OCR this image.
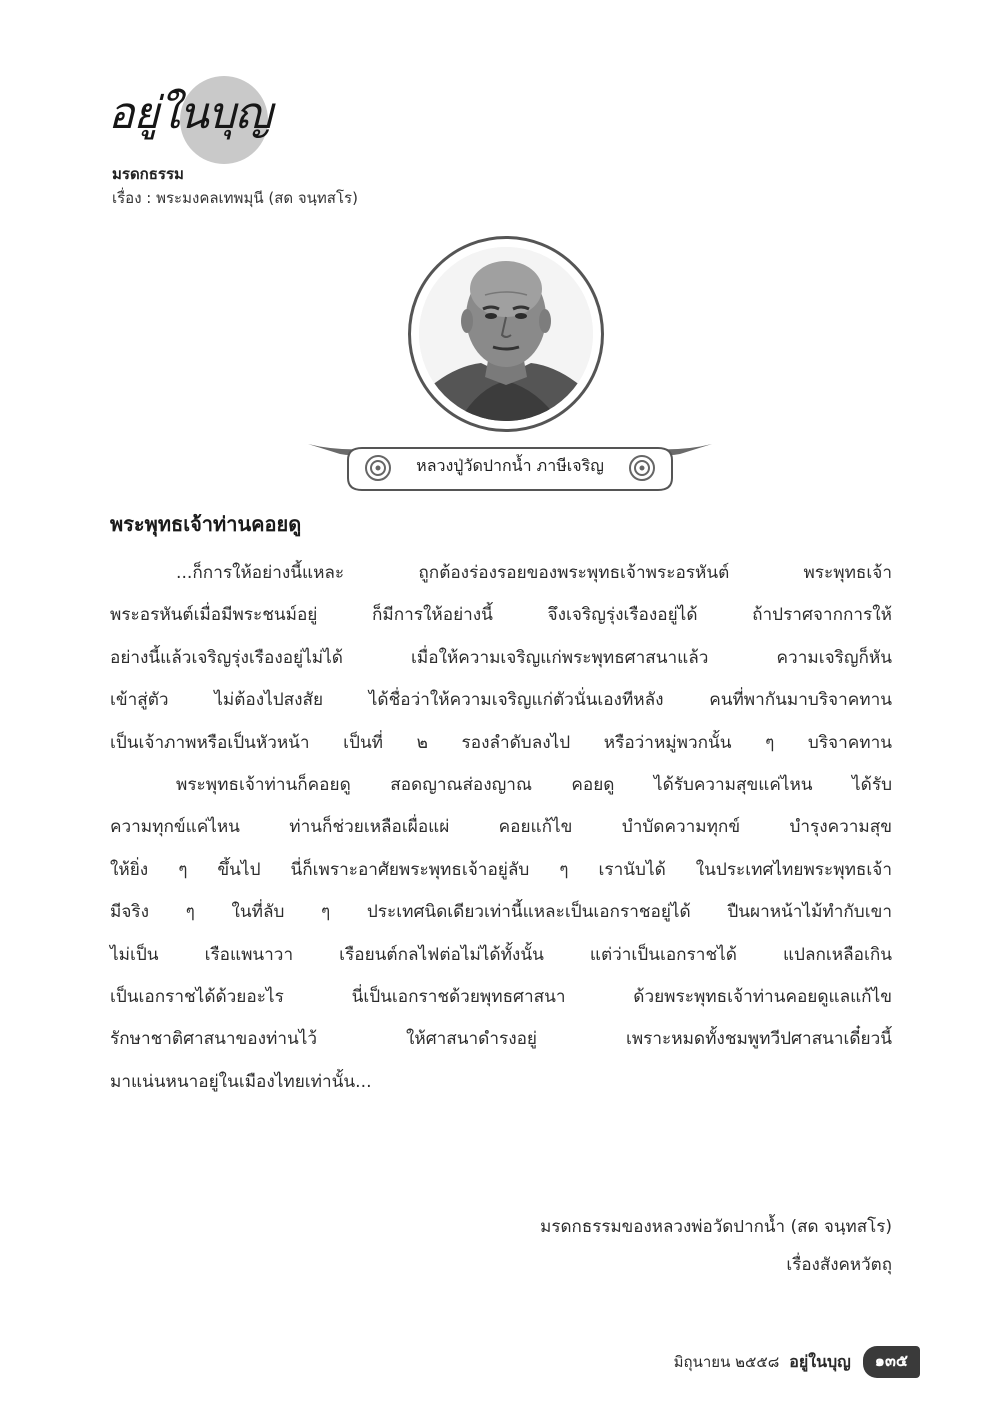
อยู่ในบุญ
มรดกธรรม
เรื่อง : พระมงคลเทพมุนี (สด จนฺทสโร)
หลวงปู่วัดปากน้ำ ภาษีเจริญ
พระพุทธเจ้าท่านคอยดู
...ก็การให้อย่างนี้แหละ ถูกต้องร่องรอยของพระพุทธเจ้าพระอรหันต์ พระพุทธเจ้า
พระอรหันต์เมื่อมีพระชนม์อยู่ ก็มีการให้อย่างนี้ จึงเจริญรุ่งเรืองอยู่ได้ ถ้าปราศจากการให้
อย่างนี้แล้วเจริญรุ่งเรืองอยู่ไม่ได้ เมื่อให้ความเจริญแก่พระพุทธศาสนาแล้ว ความเจริญก็หัน
เข้าสู่ตัว ไม่ต้องไปสงสัย ได้ชื่อว่าให้ความเจริญแก่ตัวนั่นเองทีหลัง คนที่พากันมาบริจาคทาน
เป็นเจ้าภาพหรือเป็นหัวหน้า เป็นที่ ๒ รองลำดับลงไป หรือว่าหมู่พวกนั้น ๆ บริจาคทาน
พระพุทธเจ้าท่านก็คอยดู สอดญาณส่องญาณ คอยดู ได้รับความสุขแค่ไหน ได้รับ
ความทุกข์แค่ไหน ท่านก็ช่วยเหลือเผื่อแผ่ คอยแก้ไข บำบัดความทุกข์ บำรุงความสุข
ให้ยิ่ง ๆ ขึ้นไป นี่ก็เพราะอาศัยพระพุทธเจ้าอยู่ลับ ๆ เรานับได้ ในประเทศไทยพระพุทธเจ้า
มีจริง ๆ ในที่ลับ ๆ ประเทศนิดเดียวเท่านี้แหละเป็นเอกราชอยู่ได้ ปืนผาหน้าไม้ทำกับเขา
ไม่เป็น เรือแพนาวา เรือยนต์กลไฟต่อไม่ได้ทั้งนั้น แต่ว่าเป็นเอกราชได้ แปลกเหลือเกิน
เป็นเอกราชได้ด้วยอะไร นี่เป็นเอกราชด้วยพุทธศาสนา ด้วยพระพุทธเจ้าท่านคอยดูแลแก้ไข
รักษาชาติศาสนาของท่านไว้ ให้ศาสนาดำรงอยู่ เพราะหมดทั้งชมพูทวีปศาสนาเดี๋ยวนี้
มาแน่นหนาอยู่ในเมืองไทยเท่านั้น...
มรดกธรรมของหลวงพ่อวัดปากน้ำ (สด จนฺทสโร)
เรื่องสังคหวัตถุ
มิถุนายน ๒๕๕๘ อยู่ในบุญ	๑๓๕
